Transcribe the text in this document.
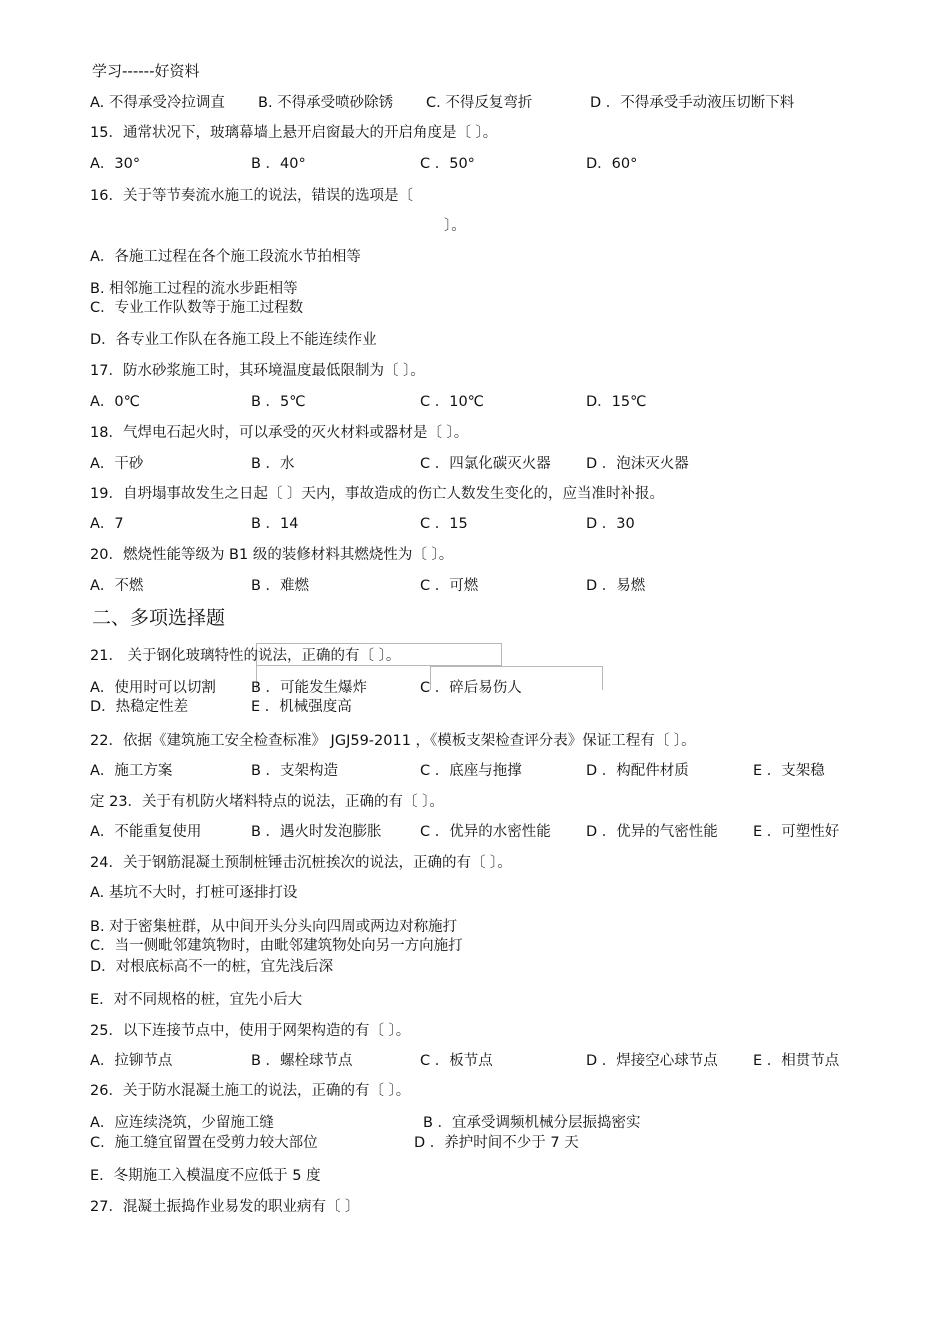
学习------好资料
A. 不得承受冷拉调直 B. 不得承受喷砂除锈 C. 不得反复弯折	D ．不得承受手动液压切断下料
15．通常状况下，玻璃幕墙上悬开启窗最大的开启角度是〔 〕。
A．30°	B ．40°	C ．50°	D．60°
16．关于等节奏流水施工的说法，错误的选项是〔
〕。
A．各施工过程在各个施工段流水节拍相等
B. 相邻施工过程的流水步距相等
C．专业工作队数等于施工过程数
D．各专业工作队在各施工段上不能连续作业
17．防水砂浆施工时，其环境温度最低限制为〔 〕。
A．0℃	B ．5℃	C ．10℃	D．15℃
18．气焊电石起火时，可以承受的灭火材料或器材是〔 〕。
A．干砂	B ．水	C ．四氯化碳灭火器 D ．泡沫灭火器
19．自坍塌事故发生之日起〔 〕天内，事故造成的伤亡人数发生变化的，应当准时补报。
A．7	B ．14	C ．15	D ．30
20．燃烧性能等级为 B1 级的装修材料其燃烧性为〔 〕。
A．不燃	B ．难燃	C ．可燃	D ．易燃
二、多项选择题
21． 关于钢化玻璃特性的说法，正确的有〔 〕。
A．使用时可以切割 B ．可能发生爆炸	C ．碎后易伤人
D．热稳定性差	E ．机械强度高
22．依据《建筑施工安全检查标准》 JGJ59-2011 ，《模板支架检查评分表》保证工程有〔 〕。
A．施工方案	B ．支架构造	C ．底座与拖撑	D ．构配件材质	E ．支架稳
定 23．关于有机防火堵料特点的说法，正确的有〔 〕。
A．不能重复使用	B ．遇火时发泡膨胀	C ．优异的水密性能 D ．优异的气密性能 E ．可塑性好
24．关于钢筋混凝土预制桩锤击沉桩挨次的说法，正确的有〔 〕。
A. 基坑不大时，打桩可逐排打设
B. 对于密集桩群，从中间开头分头向四周或两边对称施打
C．当一侧毗邻建筑物时，由毗邻建筑物处向另一方向施打
D．对根底标高不一的桩，宜先浅后深
E．对不同规格的桩，宜先小后大
25．以下连接节点中，使用于网架构造的有〔 〕。
A．拉铆节点	B ．螺栓球节点	C ．板节点	D ．焊接空心球节点 E ．相贯节点
26．关于防水混凝土施工的说法，正确的有〔 〕。
A．应连续浇筑，少留施工缝	B ．宜承受调频机械分层振捣密实
C．施工缝宜留置在受剪力较大部位	D ．养护时间不少于 7 天
E．冬期施工入模温度不应低于 5 度
27．混凝土振捣作业易发的职业病有〔 〕
